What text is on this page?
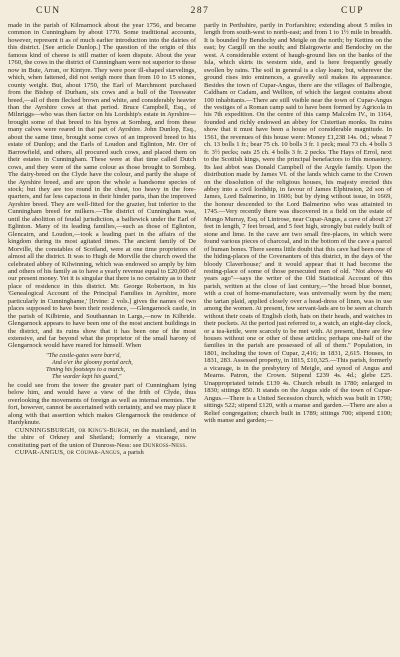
CUN	287	CUP

made in the parish of Kilmarnock about the year 1756, and became common in Cunningham by about 1770. Some traditional accounts, however, represent it as of much earlier introduction into the dairies of this district. [See article Dunlop.] The question of the origin of this famous kind of cheese is still matter of keen dispute. About the year 1760, the cows in the district of Cunningham were not superior to those now in Bute, Arran, or Kintyre. They were poor ill-shaped starvelings, which, when fattened, did not weigh more than from 10 to 15 stones, county weight. But, about 1750, the Earl of Marchmont purchased from the Bishop of Durham, six cows and a bull of the Teeswater breed,—all of them flecked brown and white, and considerably heavier than the Ayrshire cows at that period. Bruce Campbell, Esq., of Milnriggs—who was then factor on his Lordship's estate in Ayrshire—brought some of that breed to his byres at Sornbeg, and from these many calves were reared in that part of Ayrshire. John Dunlop, Esq., about the same time, brought some cows of an improved breed to his estate of Dunlop; and the Earls of Loudon and Eglinton, Mr. Orr of Barrowfield, and others, all procured such cows, and placed them on their estates in Cunningham. These were at that time called Dutch cows, and they were of the same colour as those brought to Sornbeg. The dairy-breed on the Clyde have the colour, and partly the shape of the Ayrshire breed, and are upon the whole a handsome species of stock; but they are too round in the chest, too heavy in the fore-quarters, and far less capacious in their hinder parts, than the improved Ayrshire breed. They are well-fitted for the grazier, but inferior to the Cunningham breed for milkers.—The district of Cunningham was, until the abolition of feudal jurisdiction, a bailiewick under the Earl of Eglinton. Many of its leading families,—such as those of Eglinton, Glencairn, and Loudon,—took a leading part in the affairs of the kingdom during its most agitated times. The ancient family of De Morville, the constables of Scotland, were at one time proprietors of almost all the district. It was to Hugh de Morville the church owed the celebrated abbey of Kilwinning, which was endowed so amply by him and others of his family as to have a yearly revenue equal to £20,000 of our present money. Yet it is singular that there is no certainty as to their place of residence in this district. Mr. George Robertson, in his 'Genealogical Account of the Principal Families in Ayrshire, more particularly in Cunninghame,' [Irvine: 2 vols.] gives the names of two places supposed to have been their residence, —Glengarnock castle, in the parish of Kilbirnie, and Southannan in Largs,—now in Kilbride. Glengarnock appears to have been one of the most ancient buildings in the district, and its ruins show that it has been one of the most extensive, and far beyond what the proprietor of the small barony of Glengarnock would have reared for himself. When

"The castle-gates were barr'd,
And o'er the gloomy portal arch,
Timing his footsteps to a march,
The warder kept his guard,"

he could see from the tower the greater part of Cunningham lying below him, and would have a view of the frith of Clyde, thus overlooking the movements of foreign as well as internal enemies. The fort, however, cannot be ascertained with certainty, and we may place it along with that assertion which makes Glengarnock the residence of Hardyknute.

CUNNINGSBURGH, or King's-Burgh, on the mainland, and in the shire of Orkney and Shetland; formerly a vicarage, now constituting part of the union of Dunross-Ness: see Dunross-Ness.

CUPAR-ANGUS, or Coupar-Angus, a parish

partly in Perthshire, partly in Forfarshire; extending about 5 miles in length from south-west to north-east; and from 1 to 1½ mile in breadth. It is bounded by Bendochy and Meigle on the north; by Kettins on the east; by Cargill on the south; and Blairgowrie and Bendochy on the west. A considerable extent of haugh-ground lies on the banks of the Isla, which skirts its western side, and is here frequently greatly swollen by rains. The soil in general is a clay loam; but, wherever the ground rises into eminences, a gravelly soil makes its appearance. Besides the town of Cupar-Angus, there are the villages of Balbrogie, Caldham or Cadam, and Wellton, of which the largest contains about 100 inhabitants.—There are still visible near the town of Cupar-Angus the vestiges of a Roman camp said to have been formed by Agricola in his 7th expedition. On the centre of this camp Malcolm IV., in 1164, founded and richly endowed an abbey for Cistertian monks. Its ruins show that it must have been a house of considerable magnitude. In 1561, the revenues of this house were: Money £1,238 14s. 0d.; wheat 7 ch. 13 bolls 1 fr.; bear 75 ch. 10 bolls 3 fr. 1 peck; meal 73 ch. 4 bolls 3 fr. 3½ pecks; oats 25 ch. 4 bolls 3 fr. 2 pecks. The Hays of Errol, next to the Scottish kings, were the principal benefactors to this monastery. Its last abbot was Donald Campbell of the Argyle family. Upon the distribution made by James VI. of the lands which came to the Crown on the dissolution of the religious houses, his majesty erected this abbey into a civil lordship, in favour of James Elphinston, 2d son of James, Lord Balmerino, in 1606; but by dying without issue, in 1669, the honour descended to the Lord Balmerino who was attainted in 1745.—Very recently there was discovered in a field on the estate of Mungo Murray, Esq. of Lintrose, near Cupar-Angus, a cave of about 27 feet in length, 7 feet broad, and 5 feet high, strongly but rudely built of stone and lime. In the cave are two small fire-places, in which were found various pieces of charcoal, and in the bottom of the cave a parcel of human bones. There seems little doubt that this cave had been one of the hiding-places of the Covenanters of this district, in the days of 'the bloody Claverhouse;' and it would appear that it had become the resting-place of some of those persecuted men of old. "Not above 40 years ago"—says the writer of the Old Statistical Account of this parish, written at the close of last century,—"the broad blue bonnet, with a coat of home-manufacture, was universally worn by the men; the tartan plaid, applied closely over a head-dress of linen, was in use among the women. At present, few servant-lads are to be seen at church without their coats of English cloth, hats on their heads, and watches in their pockets. At the period just referred to, a watch, an eight-day clock, or a tea-kettle, were scarcely to be met with. At present, there are few houses without one or other of these articles; perhaps one-half of the families in the parish are possessed of all of them." Population, in 1801, including the town of Cupar, 2,416; in 1831, 2,615. Houses, in 1831, 283. Assessed property, in 1815, £10,325.—This parish, formerly a vicarage, is in the presbytery of Meigle, and synod of Angus and Mearns. Patron, the Crown. Stipend £239 4s. 4d.; glebe £25. Unappropriated teinds £139 4s. Church rebuilt in 1780; enlarged in 1830; sittings 850. It stands on the Angus side of the town of Cupar-Angus.—There is a United Secession church, which was built in 1790; sittings 522; stipend £120, with a manse and garden.—There are also a Relief congregation; church built in 1789; sittings 700; stipend £100; with manse and garden;—
